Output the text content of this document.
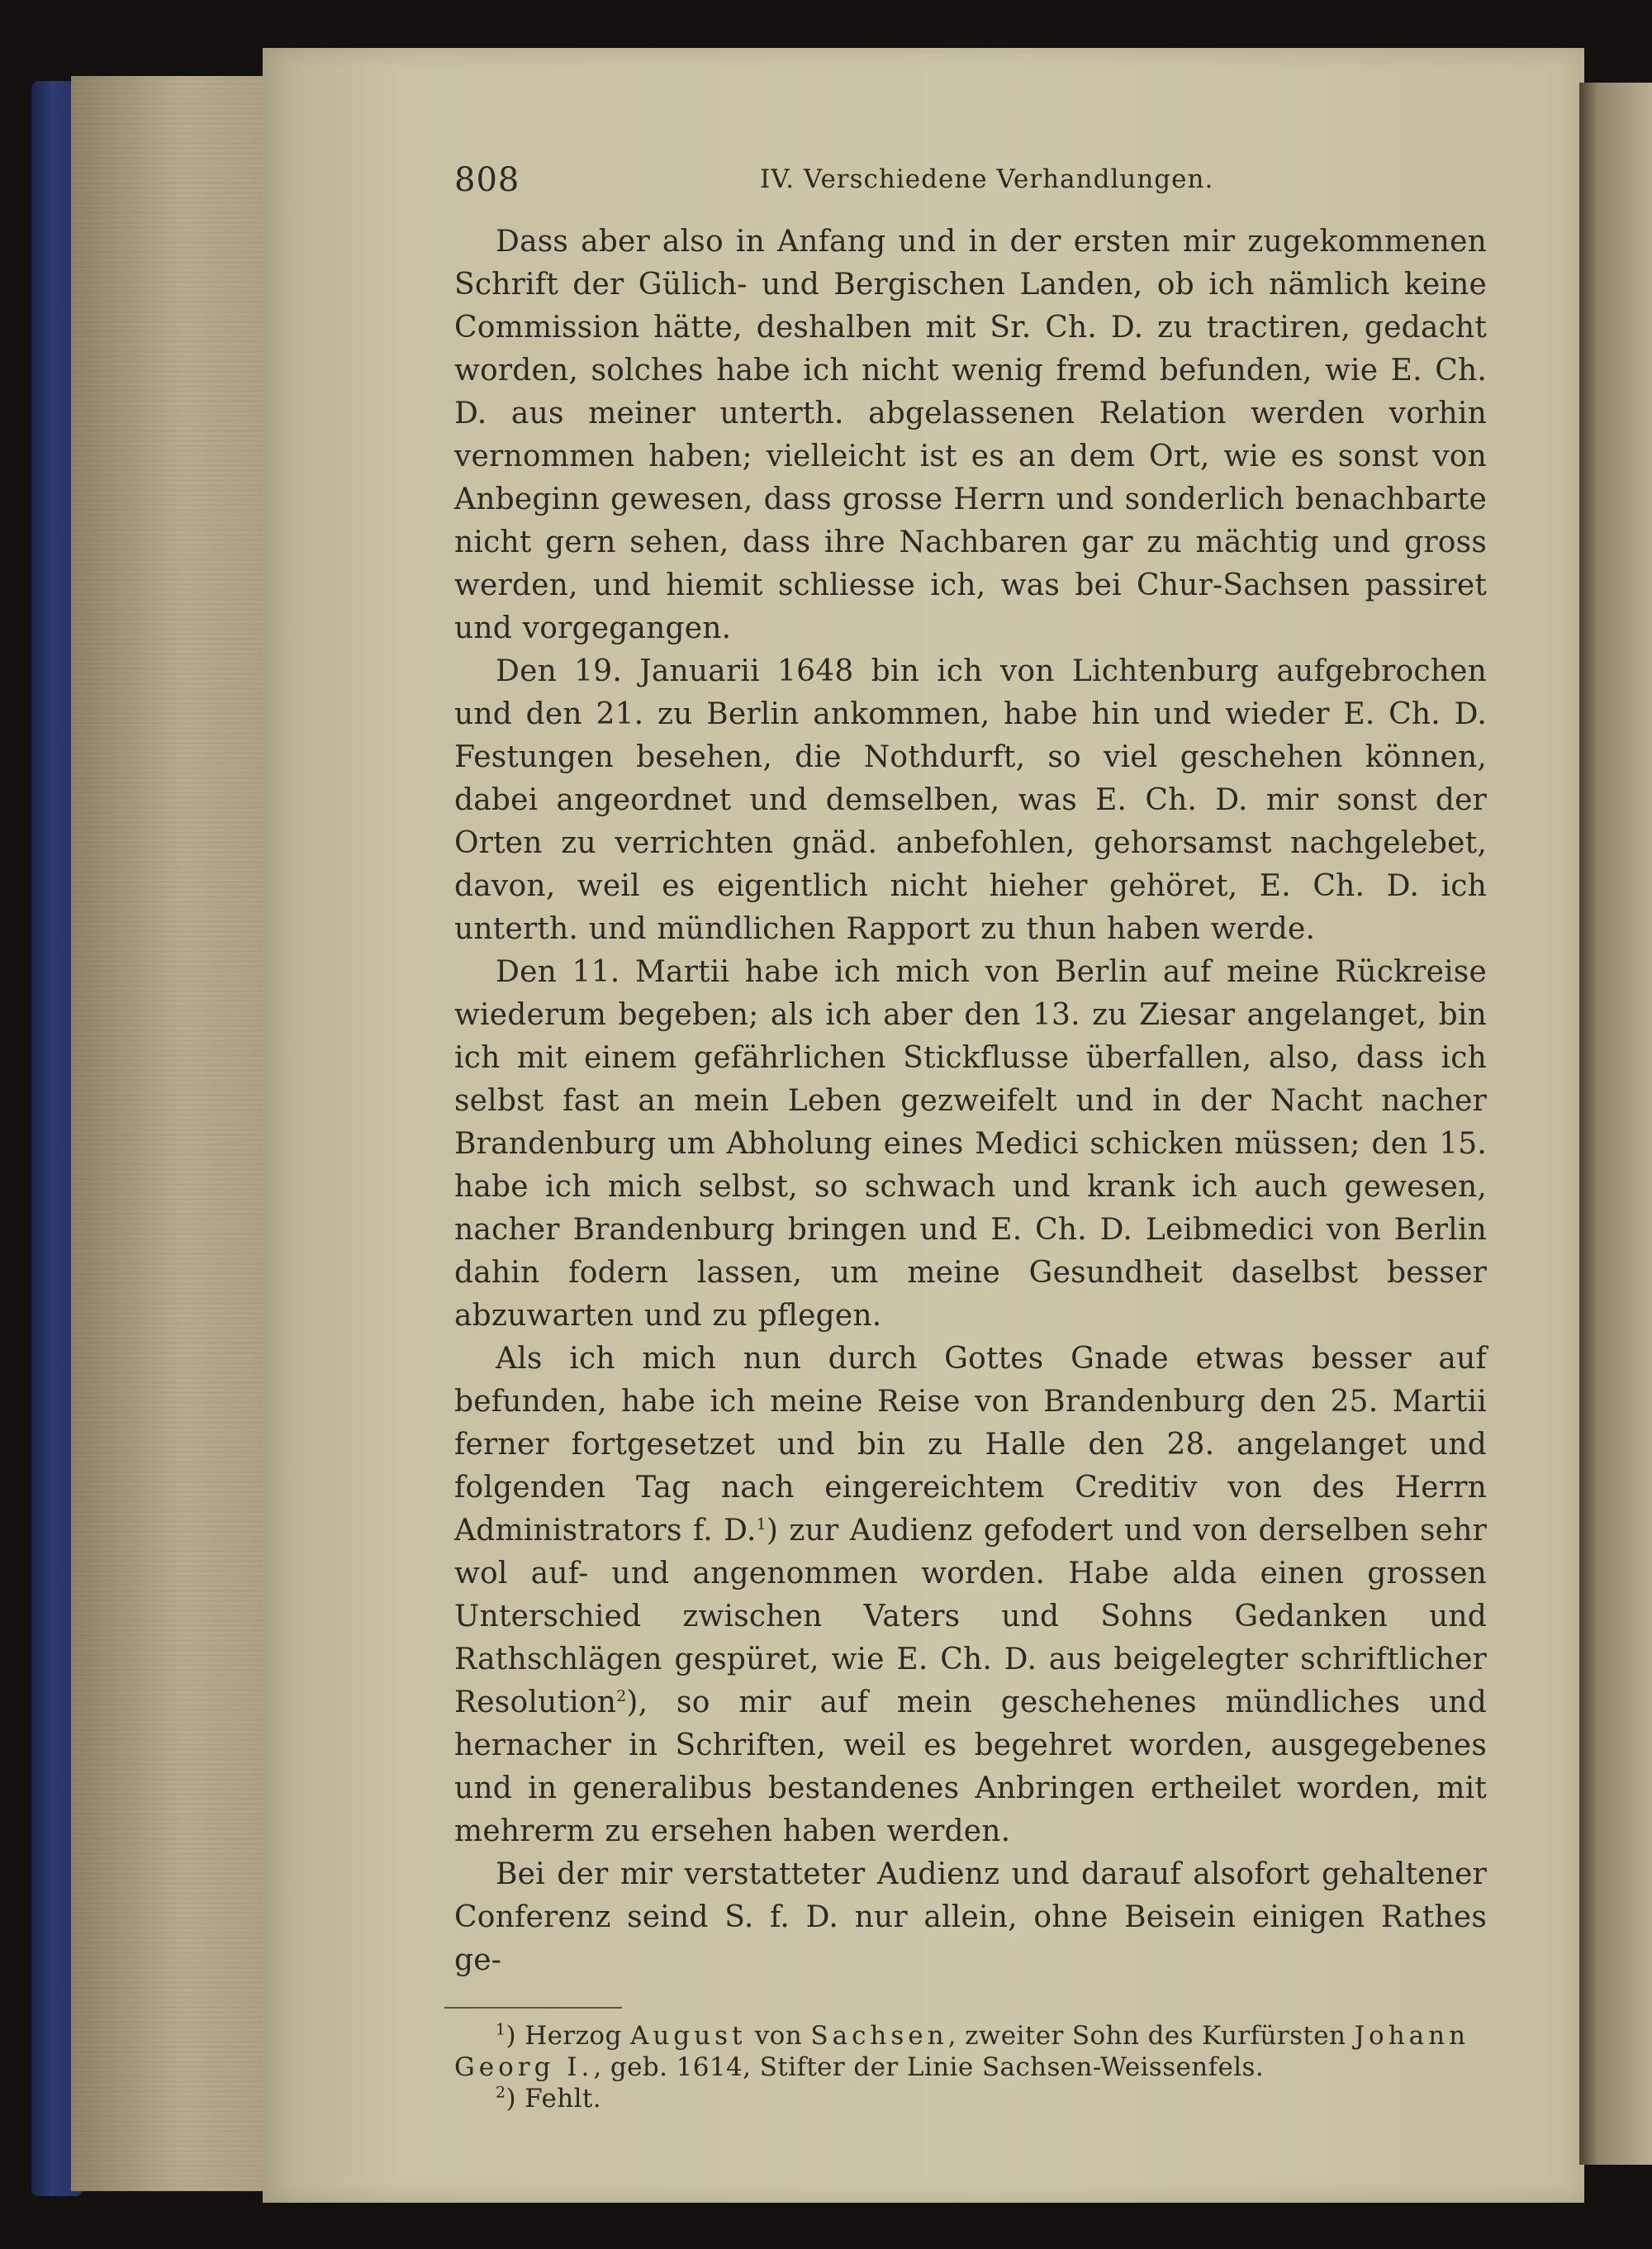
808	IV. Verschiedene Verhandlungen.

Dass aber also in Anfang und in der ersten mir zugekommenen Schrift der Gülich- und Bergischen Landen, ob ich nämlich keine Commission hätte, deshalben mit Sr. Ch. D. zu tractiren, gedacht worden, solches habe ich nicht wenig fremd befunden, wie E. Ch. D. aus meiner unterth. abgelassenen Relation werden vorhin vernommen haben; vielleicht ist es an dem Ort, wie es sonst von Anbeginn gewesen, dass grosse Herrn und sonderlich benachbarte nicht gern sehen, dass ihre Nachbaren gar zu mächtig und gross werden, und hiemit schliesse ich, was bei Chur-Sachsen passiret und vorgegangen.

Den 19. Januarii 1648 bin ich von Lichtenburg aufgebrochen und den 21. zu Berlin ankommen, habe hin und wieder E. Ch. D. Festungen besehen, die Nothdurft, so viel geschehen können, dabei angeordnet und demselben, was E. Ch. D. mir sonst der Orten zu verrichten gnäd. anbefohlen, gehorsamst nachgelebet, davon, weil es eigentlich nicht hieher gehöret, E. Ch. D. ich unterth. und mündlichen Rapport zu thun haben werde.

Den 11. Martii habe ich mich von Berlin auf meine Rückreise wiederum begeben; als ich aber den 13. zu Ziesar angelanget, bin ich mit einem gefährlichen Stickflusse überfallen, also, dass ich selbst fast an mein Leben gezweifelt und in der Nacht nacher Brandenburg um Abholung eines Medici schicken müssen; den 15. habe ich mich selbst, so schwach und krank ich auch gewesen, nacher Brandenburg bringen und E. Ch. D. Leibmedici von Berlin dahin fodern lassen, um meine Gesundheit daselbst besser abzuwarten und zu pflegen.

Als ich mich nun durch Gottes Gnade etwas besser auf befunden, habe ich meine Reise von Brandenburg den 25. Martii ferner fortgesetzet und bin zu Halle den 28. angelanget und folgenden Tag nach eingereichtem Creditiv von des Herrn Administrators f. D.$^1$) zur Audienz gefodert und von derselben sehr wol auf- und angenommen worden. Habe alda einen grossen Unterschied zwischen Vaters und Sohns Gedanken und Rathschlägen gespüret, wie E. Ch. D. aus beigelegter schriftlicher Resolution$^2$), so mir auf mein geschehenes mündliches und hernacher in Schriften, weil es begehret worden, ausgegebenes und in generalibus bestandenes Anbringen ertheilet worden, mit mehrerm zu ersehen haben werden.

Bei der mir verstatteter Audienz und darauf alsofort gehaltener Conferenz seind S. f. D. nur allein, ohne Beisein einigen Rathes ge-

$^1$) Herzog August von Sachsen, zweiter Sohn des Kurfürsten Johann Georg I., geb. 1614, Stifter der Linie Sachsen-Weissenfels.

$^2$) Fehlt.
